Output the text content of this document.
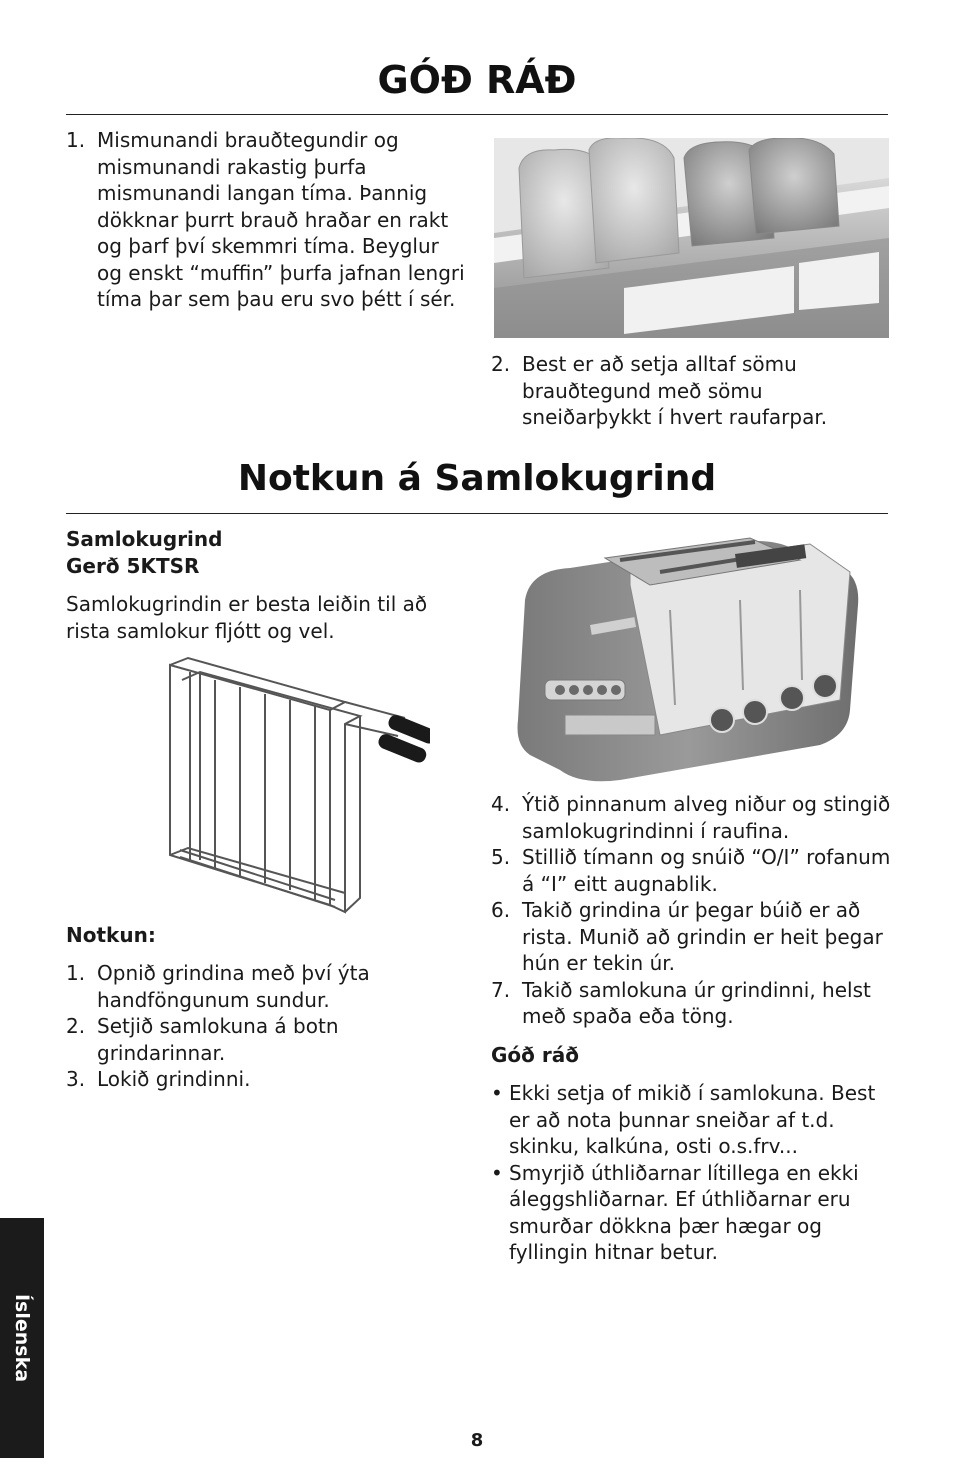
GÓÐ RÁÐ
1. Mismunandi brauðtegundir og mismunandi rakastig þurfa mismunandi langan tíma. Þannig dökknar þurrt brauð hraðar en rakt og þarf því skemmri tíma. Beyglur og enskt “muffin” þurfa jafnan lengri tíma þar sem þau eru svo þétt í sér.
2. Best er að setja alltaf sömu brauðtegund með sömu sneiðarþykkt í hvert raufarpar.
Notkun á Samlokugrind
Samlokugrind
Gerð 5KTSR

Samlokugrindin er besta leiðin til að rista samlokur fljótt og vel.

Notkun:
1. Opnið grindina með því ýta handföngunum sundur.
2. Setjið samlokuna á botn grindarinnar.
3. Lokið grindinni.
4. Ýtið pinnanum alveg niður og stingið samlokugrindinni í raufina.
5. Stillið tímann og snúið “O/I” rofanum á “I” eitt augnablik.
6. Takið grindina úr þegar búið er að rista. Munið að grindin er heit þegar hún er tekin úr.
7. Takið samlokuna úr grindinni, helst með spaða eða töng.
Góð ráð
• Ekki setja of mikið í samlokuna. Best er að nota þunnar sneiðar af t.d. skinku, kalkúna, osti o.s.frv...
• Smyrjið úthliðarnar lítillega en ekki áleggshliðarnar. Ef úthliðarnar eru smurðar dökkna þær hægar og fyllingin hitnar betur.
Íslenska
8
